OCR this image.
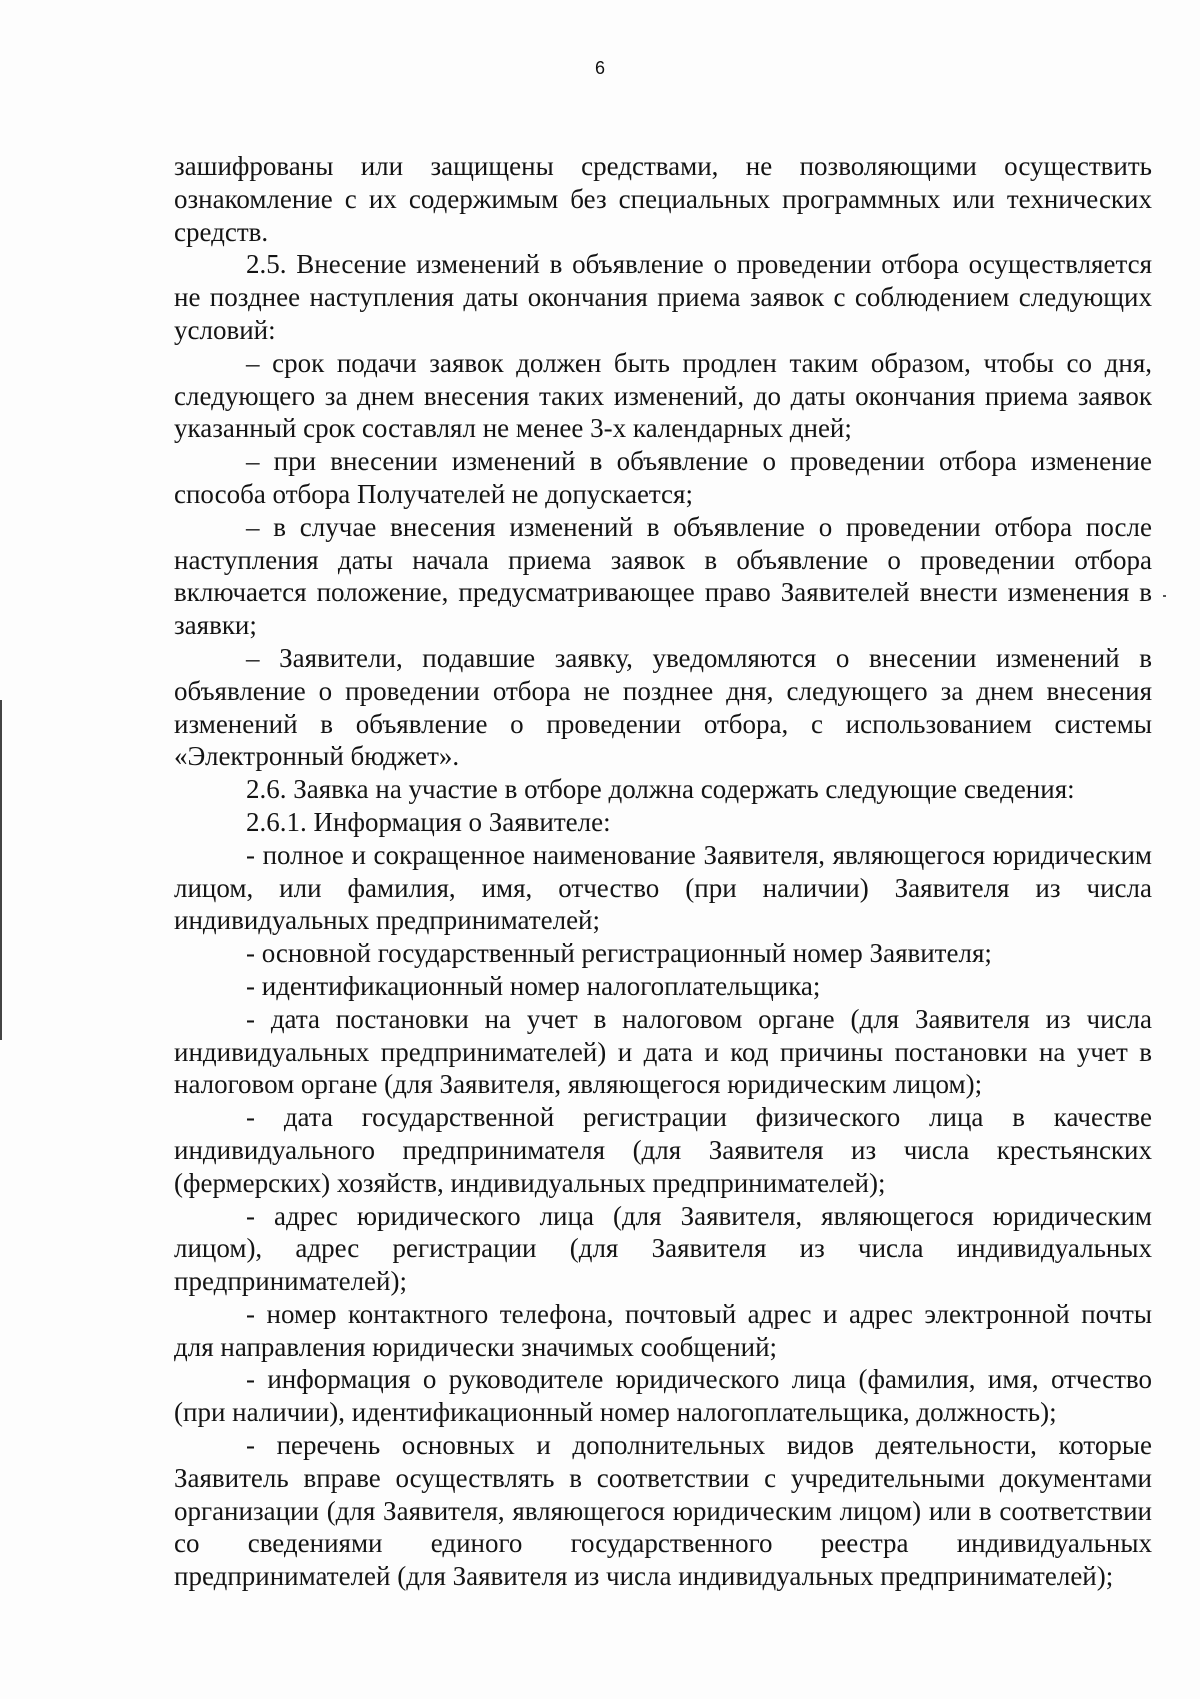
6

зашифрованы или защищены средствами, не позволяющими осуществить ознакомление с их содержимым без специальных программных или технических средств.

2.5. Внесение изменений в объявление о проведении отбора осуществляется не позднее наступления даты окончания приема заявок с соблюдением следующих условий:

– срок подачи заявок должен быть продлен таким образом, чтобы со дня, следующего за днем внесения таких изменений, до даты окончания приема заявок указанный срок составлял не менее 3-х календарных дней;

– при внесении изменений в объявление о проведении отбора изменение способа отбора Получателей не допускается;

– в случае внесения изменений в объявление о проведении отбора после наступления даты начала приема заявок в объявление о проведении отбора включается положение, предусматривающее право Заявителей внести изменения в заявки;

– Заявители, подавшие заявку, уведомляются о внесении изменений в объявление о проведении отбора не позднее дня, следующего за днем внесения изменений в объявление о проведении отбора, с использованием системы «Электронный бюджет».

2.6. Заявка на участие в отборе должна содержать следующие сведения:

2.6.1. Информация о Заявителе:

- полное и сокращенное наименование Заявителя, являющегося юридическим лицом, или фамилия, имя, отчество (при наличии) Заявителя из числа индивидуальных предпринимателей;

- основной государственный регистрационный номер Заявителя;

- идентификационный номер налогоплательщика;

- дата постановки на учет в налоговом органе (для Заявителя из числа индивидуальных предпринимателей) и дата и код причины постановки на учет в налоговом органе (для Заявителя, являющегося юридическим лицом);

- дата государственной регистрации физического лица в качестве индивидуального предпринимателя (для Заявителя из числа крестьянских (фермерских) хозяйств, индивидуальных предпринимателей);

- адрес юридического лица (для Заявителя, являющегося юридическим лицом), адрес регистрации (для Заявителя из числа индивидуальных предпринимателей);

- номер контактного телефона, почтовый адрес и адрес электронной почты для направления юридически значимых сообщений;

- информация о руководителе юридического лица (фамилия, имя, отчество (при наличии), идентификационный номер налогоплательщика, должность);

- перечень основных и дополнительных видов деятельности, которые Заявитель вправе осуществлять в соответствии с учредительными документами организации (для Заявителя, являющегося юридическим лицом) или в соответствии со сведениями единого государственного реестра индивидуальных предпринимателей (для Заявителя из числа индивидуальных предпринимателей);
